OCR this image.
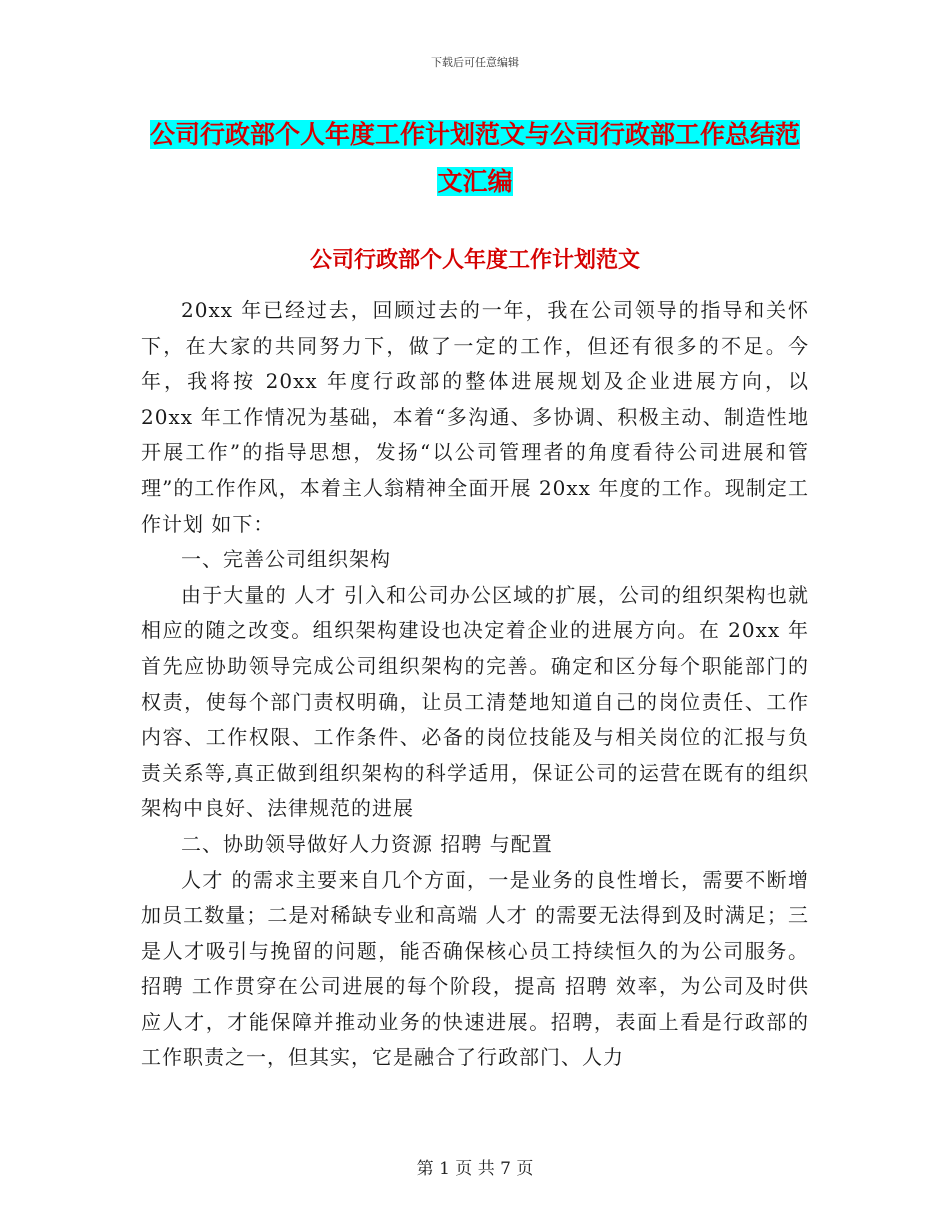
下载后可任意编辑
公司行政部个人年度工作计划范文与公司行政部工作总结范文汇编
公司行政部个人年度工作计划范文

20xx 年已经过去，回顾过去的一年，我在公司领导的指导和关怀下，在大家的共同努力下，做了一定的工作，但还有很多的不足。今年，我将按 20xx 年度行政部的整体进展规划及企业进展方向，以 20xx 年工作情况为基础，本着“多沟通、多协调、积极主动、制造性地开展工作”的指导思想，发扬“以公司管理者的角度看待公司进展和管理”的工作作风，本着主人翁精神全面开展 20xx 年度的工作。现制定工作计划 如下：

一、完善公司组织架构

由于大量的 人才 引入和公司办公区域的扩展，公司的组织架构也就相应的随之改变。组织架构建设也决定着企业的进展方向。在 20xx 年首先应协助领导完成公司组织架构的完善。确定和区分每个职能部门的权责，使每个部门责权明确，让员工清楚地知道自己的岗位责任、工作内容、工作权限、工作条件、必备的岗位技能及与相关岗位的汇报与负责关系等,真正做到组织架构的科学适用，保证公司的运营在既有的组织架构中良好、法律规范的进展

二、协助领导做好人力资源 招聘 与配置

人才 的需求主要来自几个方面，一是业务的良性增长，需要不断增加员工数量；二是对稀缺专业和高端 人才 的需要无法得到及时满足；三是人才吸引与挽留的问题，能否确保核心员工持续恒久的为公司服务。 招聘 工作贯穿在公司进展的每个阶段，提高 招聘 效率，为公司及时供应人才，才能保障并推动业务的快速进展。招聘，表面上看是行政部的工作职责之一，但其实，它是融合了行政部门、人力

第 1 页 共 7 页
